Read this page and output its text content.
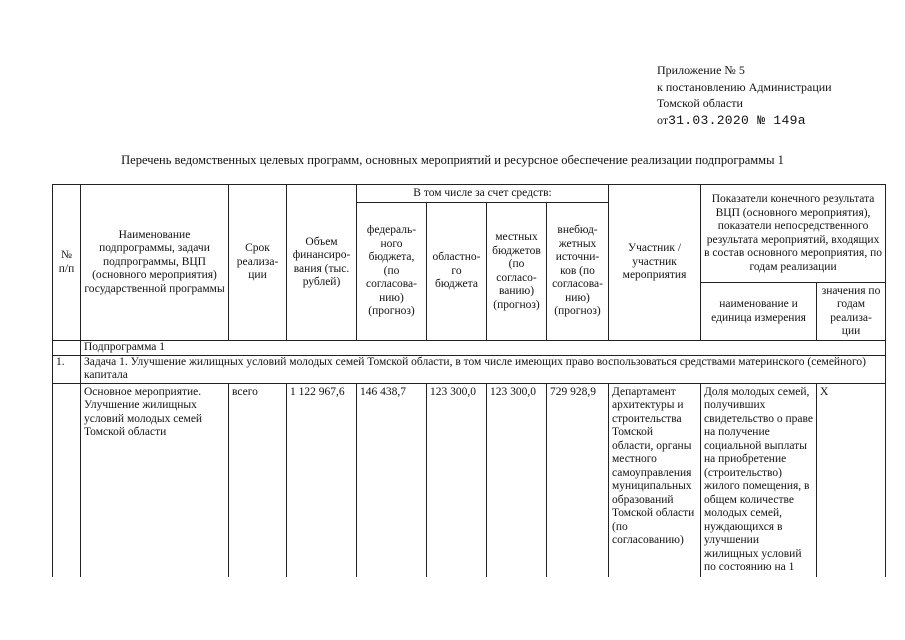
Приложение № 5
к постановлению Администрации
Томской области
от31.03.2020 № 149а
Перечень ведомственных целевых программ, основных мероприятий и ресурсное обеспечение реализации подпрограммы 1
№ п/п	Наименование подпрограммы, задачи подпрограммы, ВЦП (основного мероприятия) государственной программы	Срок реализа- ции	Объем финансиро- вания (тыс. рублей)	В том числе за счет средств:				Участник / участник мероприятия	Показатели конечного результата ВЦП (основного мероприятия), показатели непосредственного результата мероприятий, входящих в состав основного мероприятия, по годам реализации	
				федераль- ного бюджета, (по согласова- нию) (прогноз)	областно- го бюджета	местных бюджетов (по согласо- ванию) (прогноз)	внебюд- жетных источни- ков (по согласова- нию) (прогноз)			
									наименование и единица измерения	значения по годам реализа- ции
	Подпрограмма 1									
1.	Задача 1. Улучшение жилищных условий молодых семей Томской области, в том числе имеющих право воспользоваться средствами материнского (семейного) капитала									
	Основное мероприятие. Улучшение жилищных условий молодых семей Томской области	всего	1 122 967,6	146 438,7	123 300,0	123 300,0	729 928,9	Департамент архитектуры и строительства Томской области, органы местного самоуправления муниципальных образований Томской области (по согласованию)	Доля молодых семей, получивших свидетельство о праве на получение социальной выплаты на приобретение (строительство) жилого помещения, в общем количестве молодых семей, нуждающихся в улучшении жилищных условий по состоянию на 1	Х
